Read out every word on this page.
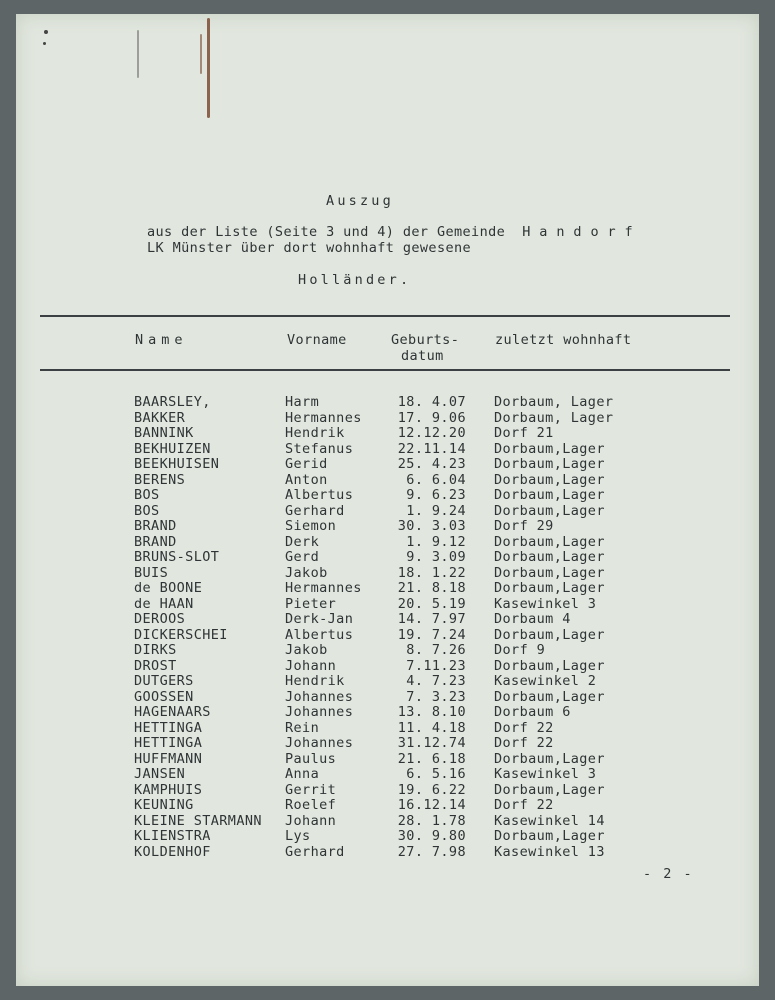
Auszug
aus der Liste (Seite 3 und 4) der Gemeinde  H a n d o r f
LK Münster über dort wohnhaft gewesene
Holländer.
Name	Vorname	Geburts-
datum
zuletzt wohnhaft
BAARSLEY,	Harm	18. 4.07 Dorbaum, Lager
BAKKER	Hermannes	17. 9.06 Dorbaum, Lager
BANNINK	Hendrik	12.12.20 Dorf 21
BEKHUIZEN	Stefanus	22.11.14 Dorbaum,Lager
BEEKHUISEN	Gerid	25. 4.23 Dorbaum,Lager
BERENS	Anton	6. 6.04 Dorbaum,Lager
BOS	Albertus	9. 6.23 Dorbaum,Lager
BOS	Gerhard	1. 9.24 Dorbaum,Lager
BRAND	Siemon	30. 3.03 Dorf 29
BRAND	Derk	1. 9.12 Dorbaum,Lager
BRUNS-SLOT	Gerd	9. 3.09 Dorbaum,Lager
BUIS	Jakob	18. 1.22 Dorbaum,Lager
de BOONE	Hermannes	21. 8.18 Dorbaum,Lager
de HAAN	Pieter	20. 5.19 Kasewinkel 3
DEROOS	Derk-Jan	14. 7.97 Dorbaum 4
DICKERSCHEI	Albertus	19. 7.24 Dorbaum,Lager
DIRKS	Jakob	8. 7.26 Dorf 9
DROST	Johann	7.11.23 Dorbaum,Lager
DUTGERS	Hendrik	4. 7.23 Kasewinkel 2
GOOSSEN	Johannes	7. 3.23 Dorbaum,Lager
HAGENAARS	Johannes	13. 8.10 Dorbaum 6
HETTINGA	Rein	11. 4.18 Dorf 22
HETTINGA	Johannes	31.12.74 Dorf 22
HUFFMANN	Paulus	21. 6.18 Dorbaum,Lager
JANSEN	Anna	6. 5.16 Kasewinkel 3
KAMPHUIS	Gerrit	19. 6.22 Dorbaum,Lager
KEUNING	Roelef	16.12.14 Dorf 22
KLEINE STARMANN Johann	28. 1.78 Kasewinkel 14
KLIENSTRA	Lys	30. 9.80 Dorbaum,Lager
KOLDENHOF	Gerhard	27. 7.98 Kasewinkel 13
- 2 -
